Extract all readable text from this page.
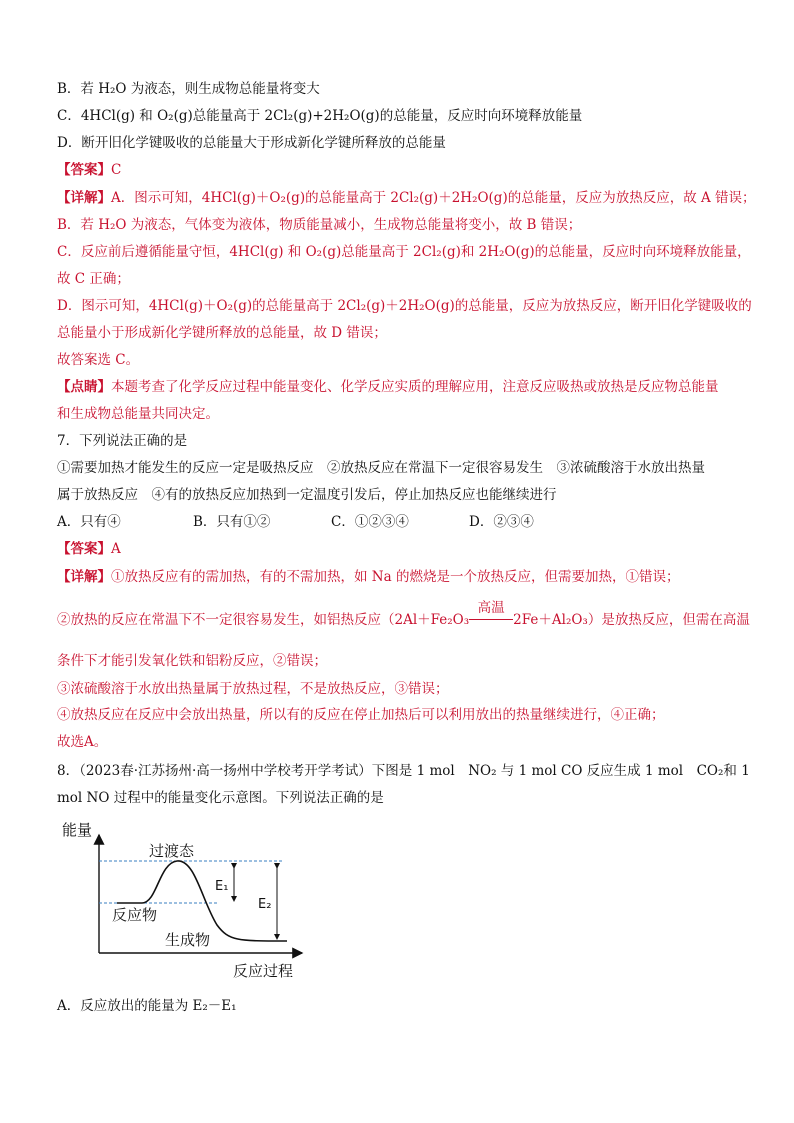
B．若 H₂O 为液态，则生成物总能量将变大
C．4HCl(g) 和 O₂(g)总能量高于 2Cl₂(g)+2H₂O(g)的总能量，反应时向环境释放能量
D．断开旧化学键吸收的总能量大于形成新化学键所释放的总能量
【答案】C
【详解】A．图示可知，4HCl(g)＋O₂(g)的总能量高于 2Cl₂(g)＋2H₂O(g)的总能量，反应为放热反应，故 A 错误；
B．若 H₂O 为液态，气体变为液体，物质能量减小，生成物总能量将变小，故 B 错误；
C．反应前后遵循能量守恒，4HCl(g) 和 O₂(g)总能量高于 2Cl₂(g)和 2H₂O(g)的总能量，反应时向环境释放能量，
故 C 正确；
D．图示可知，4HCl(g)＋O₂(g)的总能量高于 2Cl₂(g)＋2H₂O(g)的总能量，反应为放热反应，断开旧化学键吸收的
总能量小于形成新化学键所释放的总能量，故 D 错误；
故答案选 C。
【点睛】本题考查了化学反应过程中能量变化、化学反应实质的理解应用，注意反应吸热或放热是反应物总能量
和生成物总能量共同决定。
7．下列说法正确的是
①需要加热才能发生的反应一定是吸热反应　②放热反应在常温下一定很容易发生　③浓硫酸溶于水放出热量
属于放热反应　④有的放热反应加热到一定温度引发后，停止加热反应也能继续进行
A．只有④	B．只有①②	C．①②③④	D．②③④
【答案】A
【详解】①放热反应有的需加热，有的不需加热，如 Na 的燃烧是一个放热反应，但需要加热，①错误；
②放热的反应在常温下不一定很容易发生，如铝热反应（2Al＋Fe₂O₃
高温
2Fe＋Al₂O₃）是放热反应，但需在高温
条件下才能引发氧化铁和铝粉反应，②错误；
③浓硫酸溶于水放出热量属于放热过程，不是放热反应，③错误；
④放热反应在反应中会放出热量，所以有的反应在停止加热后可以利用放出的热量继续进行，④正确；
故选A。
8．（2023春·江苏扬州·高一扬州中学校考开学考试）下图是 1 mol　NO₂ 与 1 mol CO 反应生成 1 mol　CO₂和 1
mol NO 过程中的能量变化示意图。下列说法正确的是
能量
反应过程
过渡态
反应物
生成物
E₁
E₂
A．反应放出的能量为 E₂－E₁
